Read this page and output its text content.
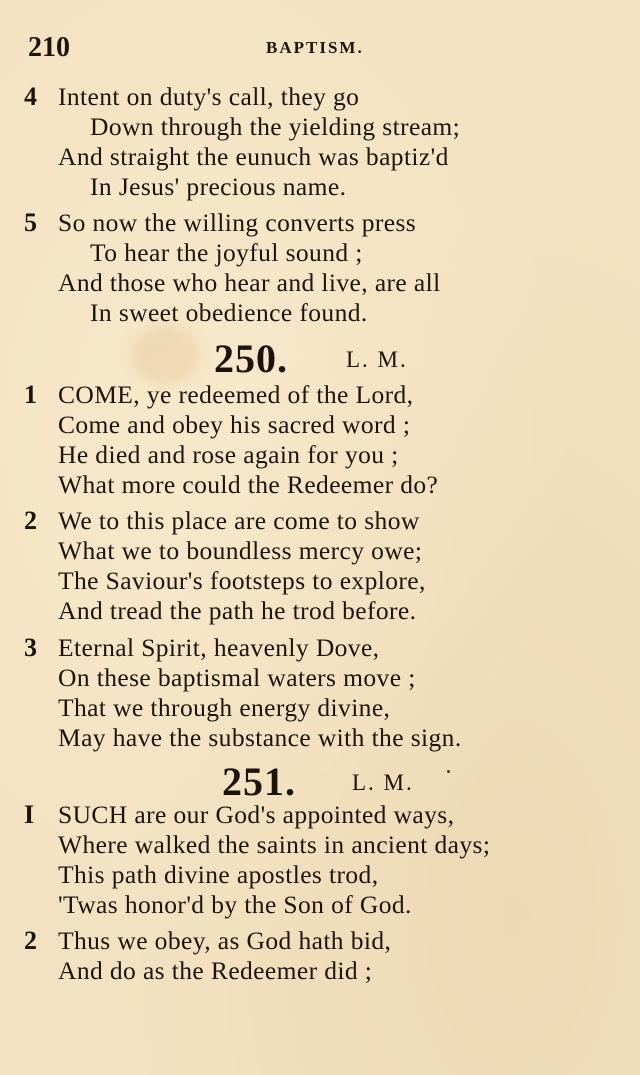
210	BAPTISM.
4 Intent on duty's call, they go
Down through the yielding stream;
And straight the eunuch was baptiz'd
In Jesus' precious name.
5 So now the willing converts press
To hear the joyful sound ;
And those who hear and live, are all
In sweet obedience found.
250.	L. M.
1 COME, ye redeemed of the Lord,
Come and obey his sacred word ;
He died and rose again for you ;
What more could the Redeemer do?
2 We to this place are come to show
What we to boundless mercy owe;
The Saviour's footsteps to explore,
And tread the path he trod before.
3 Eternal Spirit, heavenly Dove,
On these baptismal waters move ;
That we through energy divine,
May have the substance with the sign.
251. L. M.
I SUCH are our God's appointed ways,
Where walked the saints in ancient days;
This path divine apostles trod,
'Twas honor'd by the Son of God.
2 Thus we obey, as God hath bid,
And do as the Redeemer did ;
